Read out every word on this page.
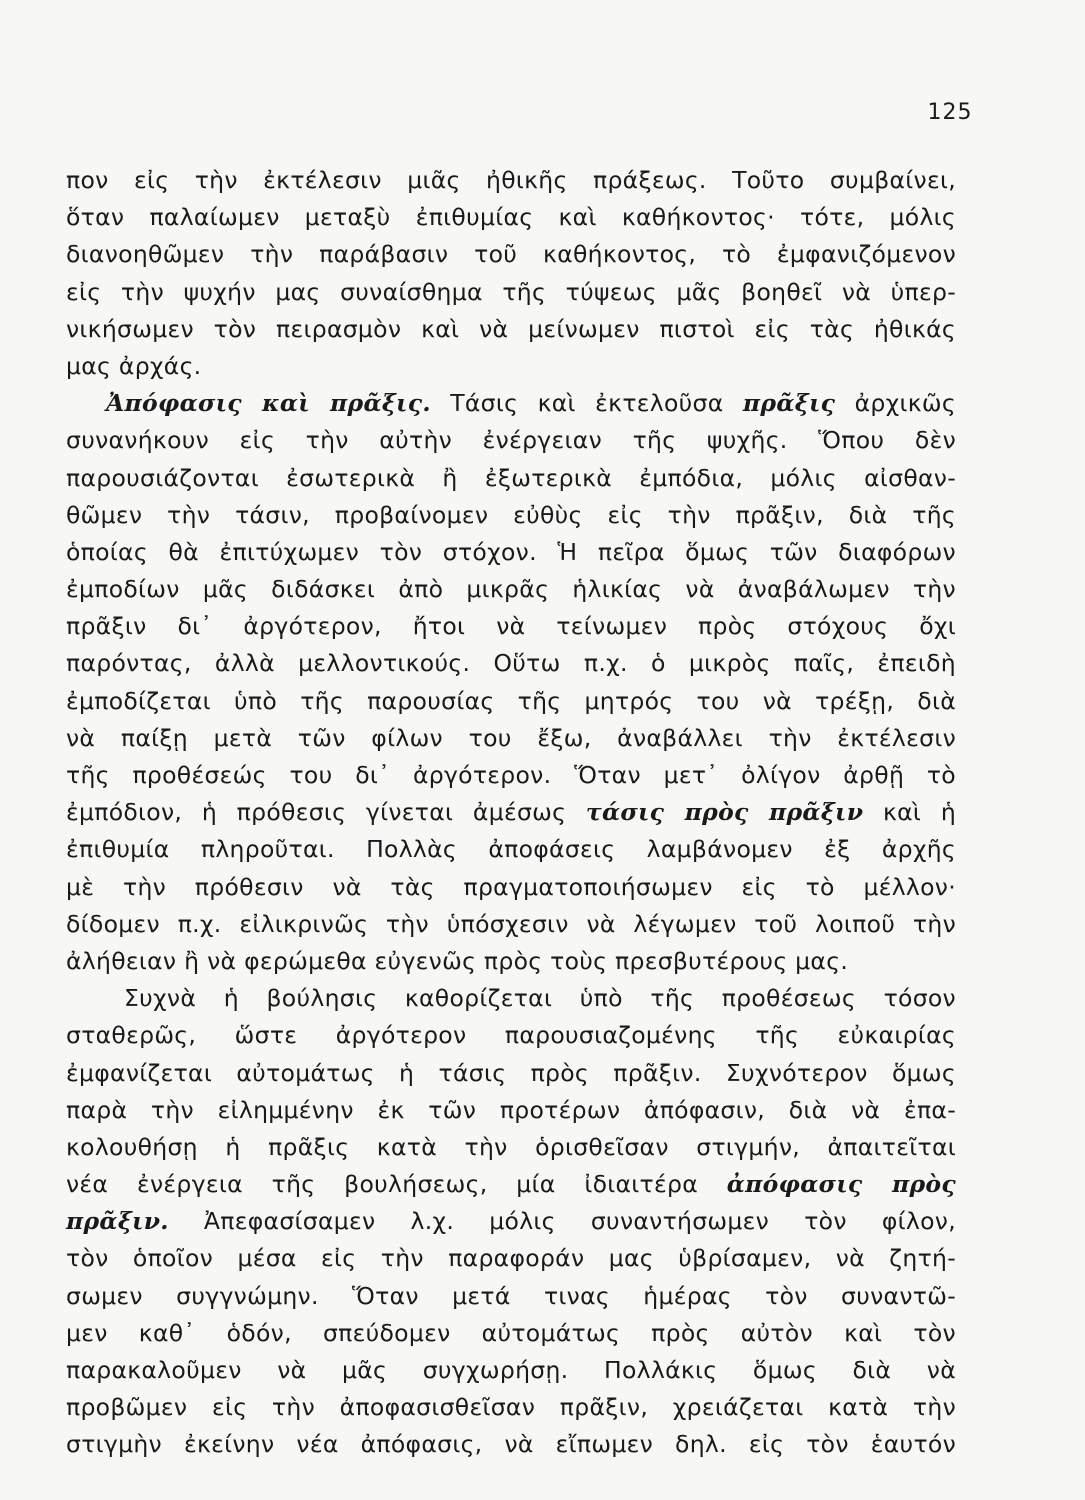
125
πον εἰς τὴν ἐκτέλεσιν μιᾶς ἠθικῆς πράξεως. Τοῦτο συμβαίνει,
ὅταν παλαίωμεν μεταξὺ ἐπιθυμίας καὶ καθήκοντος· τότε, μόλις
διανοηθῶμεν τὴν παράβασιν τοῦ καθήκοντος, τὸ ἐμφανιζόμενον
εἰς τὴν ψυχήν μας συναίσθημα τῆς τύψεως μᾶς βοηθεῖ νὰ ὑπερ-
νικήσωμεν τὸν πειρασμὸν καὶ νὰ μείνωμεν πιστοὶ εἰς τὰς ἠθικάς
μας ἀρχάς.
Ἀπόφασις καὶ πρᾶξις. Τάσις καὶ ἐκτελοῦσα πρᾶξις ἀρχικῶς
συνανήκουν εἰς τὴν αὐτὴν ἐνέργειαν τῆς ψυχῆς. Ὅπου δὲν
παρουσιάζονται ἐσωτερικὰ ἢ ἐξωτερικὰ ἐμπόδια, μόλις αἰσθαν-
θῶμεν τὴν τάσιν, προβαίνομεν εὐθὺς εἰς τὴν πρᾶξιν, διὰ τῆς
ὁποίας θὰ ἐπιτύχωμεν τὸν στόχον. Ἡ πεῖρα ὅμως τῶν διαφόρων
ἐμποδίων μᾶς διδάσκει ἀπὸ μικρᾶς ἡλικίας νὰ ἀναβάλωμεν τὴν
πρᾶξιν δι᾽ ἀργότερον, ἤτοι νὰ τείνωμεν πρὸς στόχους ὄχι
παρόντας, ἀλλὰ μελλοντικούς. Οὕτω π.χ. ὁ μικρὸς παῖς, ἐπειδὴ
ἐμποδίζεται ὑπὸ τῆς παρουσίας τῆς μητρός του νὰ τρέξῃ, διὰ
νὰ παίξῃ μετὰ τῶν φίλων του ἔξω, ἀναβάλλει τὴν ἐκτέλεσιν
τῆς προθέσεώς του δι᾽ ἀργότερον. Ὅταν μετ᾽ ὀλίγον ἀρθῇ τὸ
ἐμπόδιον, ἡ πρόθεσις γίνεται ἀμέσως τάσις πρὸς πρᾶξιν καὶ ἡ
ἐπιθυμία πληροῦται. Πολλὰς ἀποφάσεις λαμβάνομεν ἐξ ἀρχῆς
μὲ τὴν πρόθεσιν νὰ τὰς πραγματοποιήσωμεν εἰς τὸ μέλλον·
δίδομεν π.χ. εἰλικρινῶς τὴν ὑπόσχεσιν νὰ λέγωμεν τοῦ λοιποῦ τὴν
ἀλήθειαν ἢ νὰ φερώμεθα εὐγενῶς πρὸς τοὺς πρεσβυτέρους μας.
Συχνὰ ἡ βούλησις καθορίζεται ὑπὸ τῆς προθέσεως τόσον
σταθερῶς, ὥστε ἀργότερον παρουσιαζομένης τῆς εὐκαιρίας
ἐμφανίζεται αὐτομάτως ἡ τάσις πρὸς πρᾶξιν. Συχνότερον ὅμως
παρὰ τὴν εἰλημμένην ἐκ τῶν προτέρων ἀπόφασιν, διὰ νὰ ἐπα-
κολουθήσῃ ἡ πρᾶξις κατὰ τὴν ὁρισθεῖσαν στιγμήν, ἀπαιτεῖται
νέα ἐνέργεια τῆς βουλήσεως, μία ἰδιαιτέρα ἀπόφασις πρὸς
πρᾶξιν. Ἀπεφασίσαμεν λ.χ. μόλις συναντήσωμεν τὸν φίλον,
τὸν ὁποῖον μέσα εἰς τὴν παραφοράν μας ὑβρίσαμεν, νὰ ζητή-
σωμεν συγγνώμην. Ὅταν μετά τινας ἡμέρας τὸν συναντῶ-
μεν καθ᾽ ὁδόν, σπεύδομεν αὐτομάτως πρὸς αὐτὸν καὶ τὸν
παρακαλοῦμεν νὰ μᾶς συγχωρήσῃ. Πολλάκις ὅμως διὰ νὰ
προβῶμεν εἰς τὴν ἀποφασισθεῖσαν πρᾶξιν, χρειάζεται κατὰ τὴν
στιγμὴν ἐκείνην νέα ἀπόφασις, νὰ εἴπωμεν δηλ. εἰς τὸν ἑαυτόν
